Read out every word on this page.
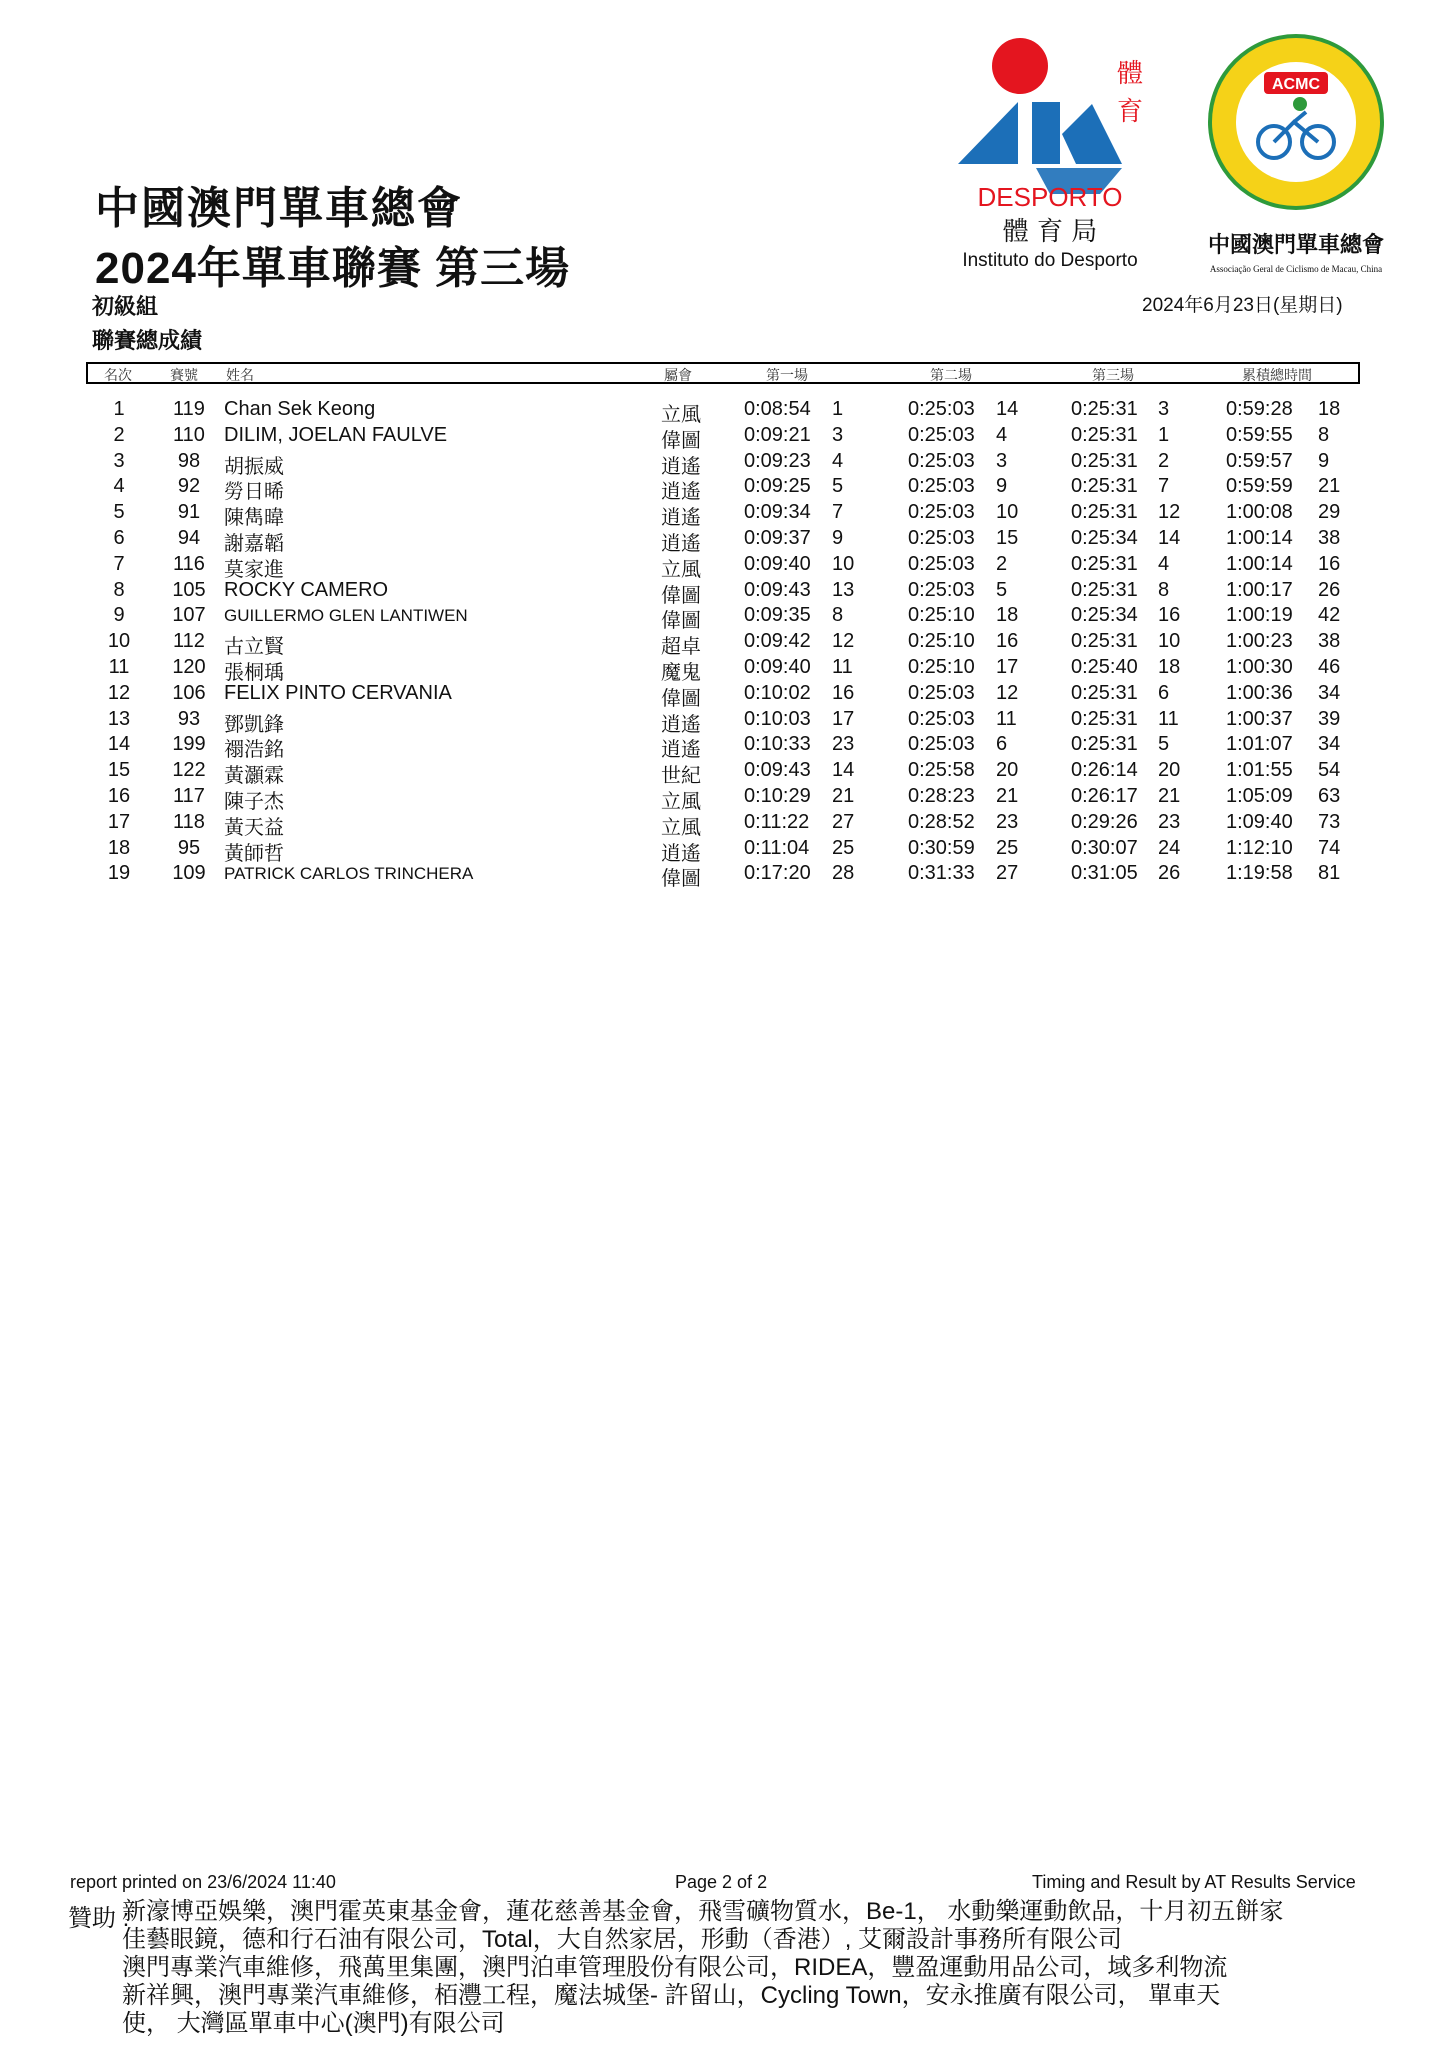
中國澳門單車總會
2024年單車聯賽 第三場
初級組
聯賽總成績
2024年6月23日(星期日)
體
育
DESPORTO
體 育 局
Instituto do Desporto
ACMC
中國澳門單車總會
Associação Geral de Ciclismo de Macau, China
名次	賽號 姓名	屬會	第一場	第二場	第三場	累積總時間
1	119 Chan Sek Keong	立風 0:08:54 1	0:25:03 14	0:25:31 3	0:59:28 18
2	110 DILIM, JOELAN FAULVE	偉圖 0:09:21 3	0:25:03 4	0:25:31 1	0:59:55 8
3	98	胡振威	逍遙 0:09:23 4	0:25:03 3	0:25:31 2	0:59:57 9
4	92	勞日晞	逍遙 0:09:25 5	0:25:03 9	0:25:31 7	0:59:59 21
5	91	陳雋暐	逍遙 0:09:34 7	0:25:03 10	0:25:31 12 1:00:08 29
6	94	謝嘉韜	逍遙 0:09:37 9	0:25:03 15	0:25:34 14 1:00:14 38
7	116 莫家進	立風 0:09:40 10	0:25:03 2	0:25:31 4	1:00:14 16
8	105 ROCKY CAMERO	偉圖 0:09:43 13	0:25:03 5	0:25:31 8	1:00:17 26
9	107	GUILLERMO GLEN LANTIWEN	偉圖 0:09:35 8	0:25:10 18	0:25:34 16 1:00:19 42
10	112 古立賢	超卓 0:09:42 12	0:25:10 16	0:25:31 10 1:00:23 38
11	120 張桐瑀	魔鬼 0:09:40 11	0:25:10 17	0:25:40 18 1:00:30 46
12	106 FELIX PINTO CERVANIA	偉圖 0:10:02 16	0:25:03 12	0:25:31 6	1:00:36 34
13	93	鄧凱鋒	逍遙 0:10:03 17	0:25:03 11	0:25:31 11 1:00:37 39
14	199 禤浩銘	逍遙 0:10:33 23	0:25:03 6	0:25:31 5	1:01:07 34
15	122 黃灝霖	世紀 0:09:43 14	0:25:58 20	0:26:14 20 1:01:55 54
16	117 陳子杰	立風 0:10:29 21	0:28:23 21	0:26:17 21 1:05:09 63
17	118 黃天益	立風 0:11:22 27	0:28:52 23	0:29:26 23 1:09:40 73
18	95	黃師哲	逍遙 0:11:04 25	0:30:59 25	0:30:07 24 1:12:10 74
19	109	PATRICK CARLOS TRINCHERA	偉圖 0:17:20 28	0:31:33 27	0:31:05 26 1:19:58 81
report printed on 23/6/2024 11:40	Page 2 of 2	Timing and Result by AT Results Service
贊助 :
新濠博亞娛樂，澳門霍英東基金會，蓮花慈善基金會，飛雪礦物質水，Be-1， 水動樂運動飲品，十月初五餅家
佳藝眼鏡，德和行石油有限公司，Total，大自然家居，形動（香港）, 艾爾設計事務所有限公司
澳門專業汽車維修，飛萬里集團，澳門泊車管理股份有限公司，RIDEA，豐盈運動用品公司，域多利物流
新祥興，澳門專業汽車維修，栢灃工程，魔法城堡- 許留山，Cycling Town，安永推廣有限公司， 單車天
使， 大灣區單車中心(澳門)有限公司
